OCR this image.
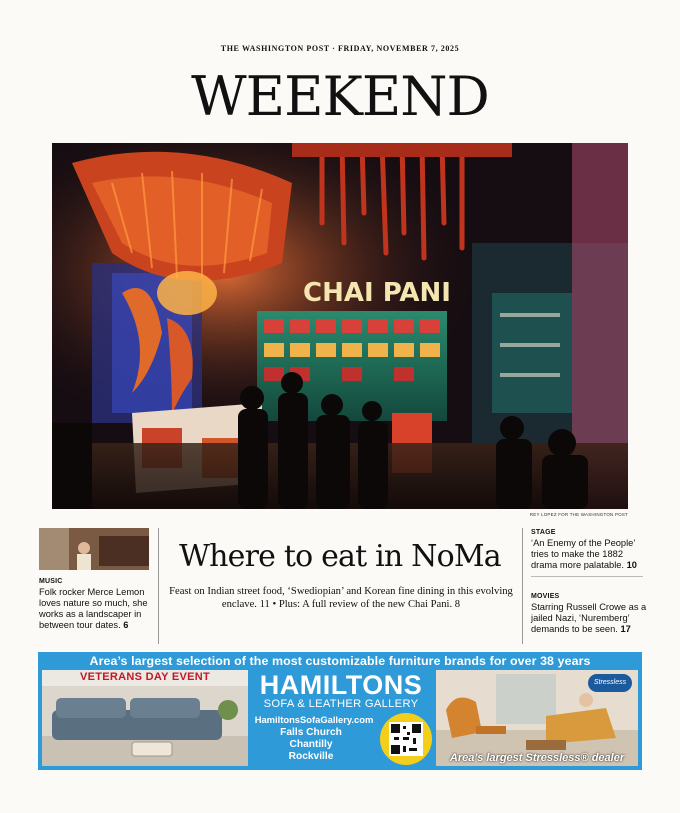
THE WASHINGTON POST · FRIDAY, NOVEMBER 7, 2025
WEEKEND
CHAI PANI
REY LOPEZ FOR THE WASHINGTON POST
MUSIC
Folk rocker Merce Lemon loves nature so much, she works as a landscaper in between tour dates. 6
Where to eat in NoMa
Feast on Indian street food, ‘Swediopian’ and Korean fine dining in this evolving enclave. 11 • Plus: A full review of the new Chai Pani. 8
STAGE
‘An Enemy of the People’ tries to make the 1882 drama more palatable. 10
MOVIES
Starring Russell Crowe as a jailed Nazi, ‘Nuremberg’ demands to be seen. 17
Area’s largest selection of the most customizable furniture brands for over 38 years
VETERANS DAY EVENT	HAMILTONS
SOFA & LEATHER GALLERY
HamiltonsSofaGallery.com
Falls Church
Chantilly
Rockville
Stressless
Area’s largest Stressless® dealer
